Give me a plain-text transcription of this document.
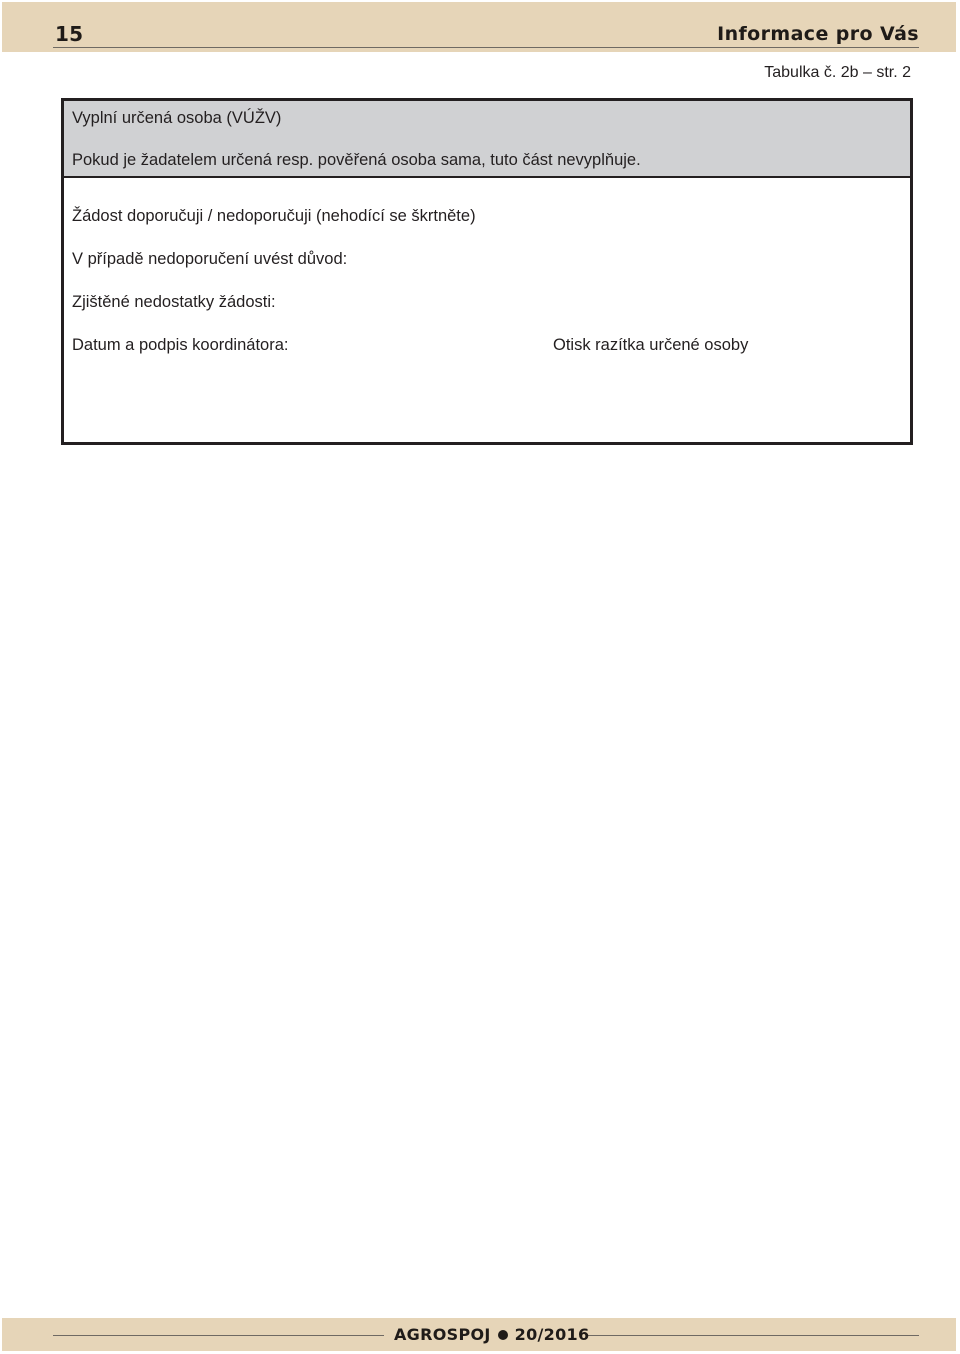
15	Informace pro Vás
Tabulka č. 2b – str. 2
Vyplní určená osoba (VÚŽV)
Pokud je žadatelem určená resp. pověřená osoba sama, tuto část nevyplňuje.
Žádost doporučuji / nedoporučuji (nehodící se škrtněte)
V případě nedoporučení uvést důvod:
Zjištěné nedostatky žádosti:
Datum a podpis koordinátora:	Otisk razítka určené osoby
AGROSPOJ 20/2016
